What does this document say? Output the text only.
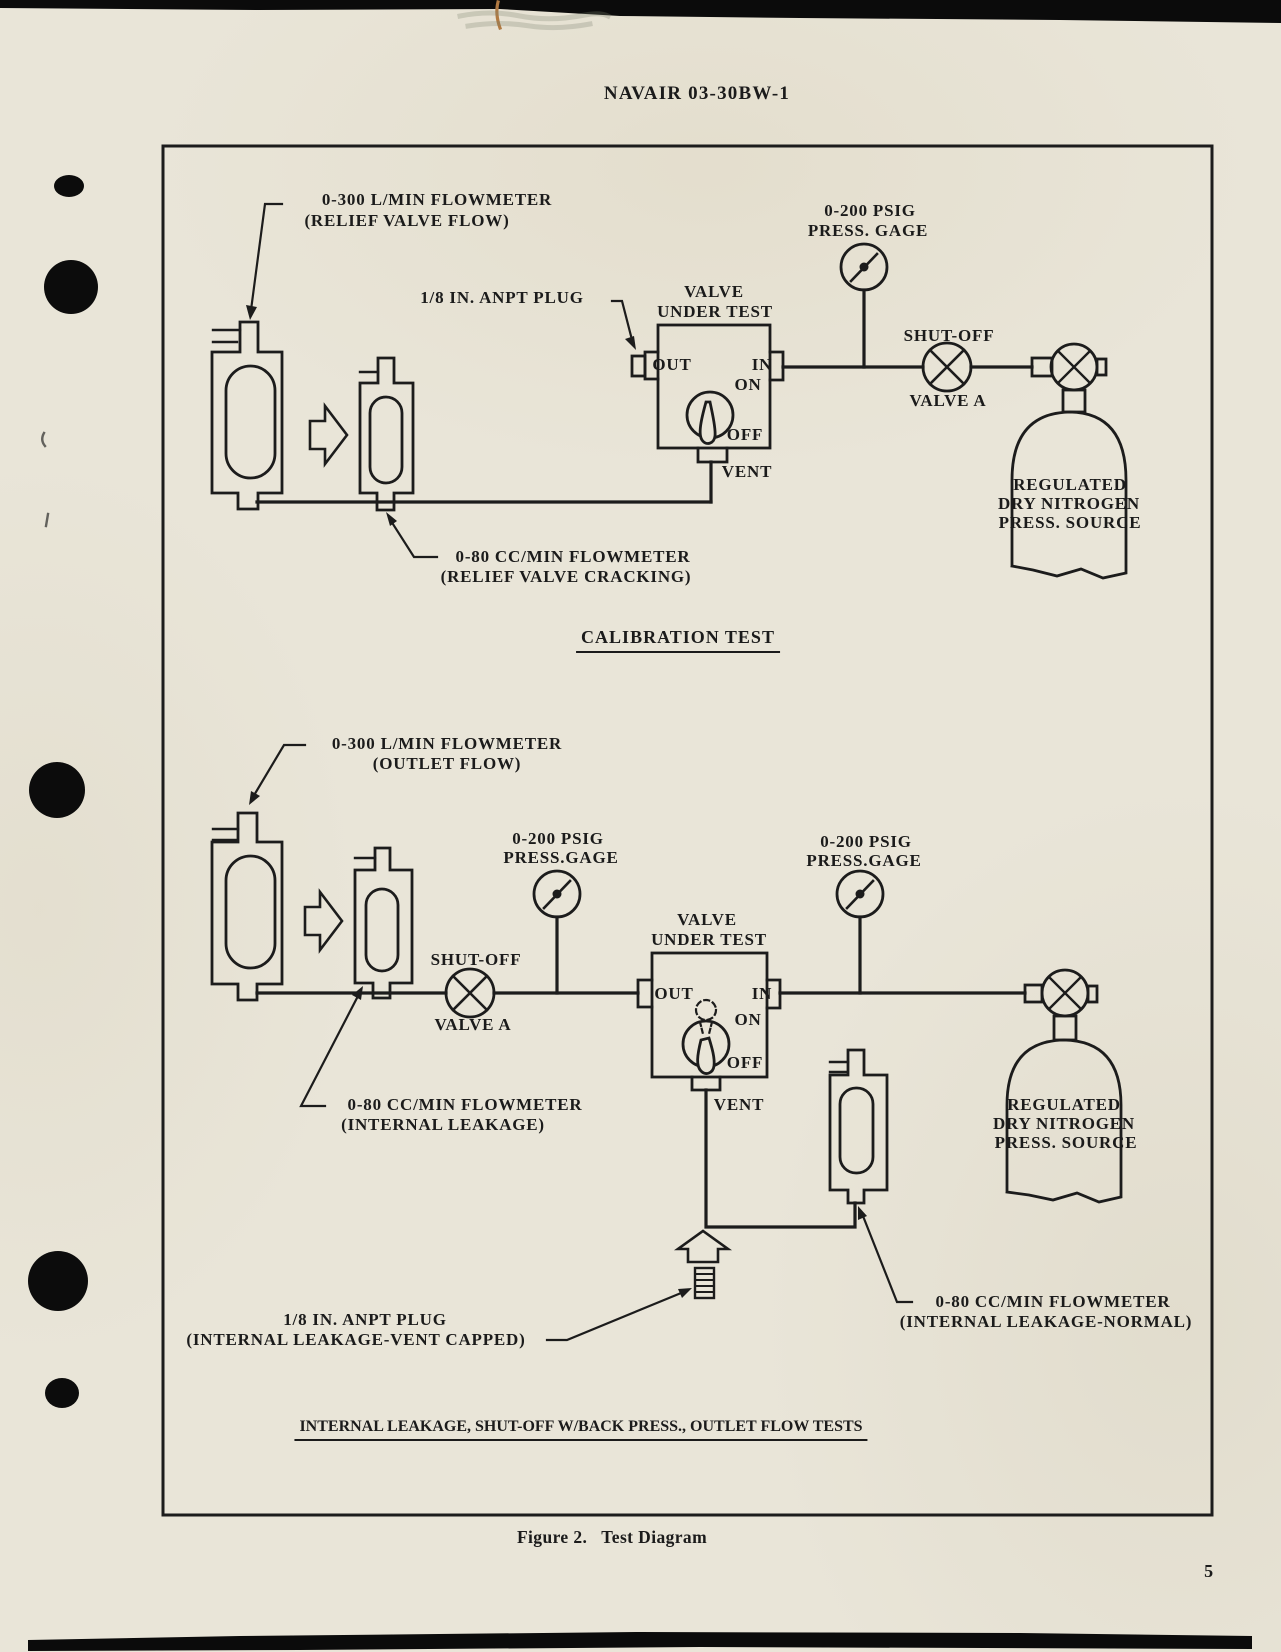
NAVAIR 03-30BW-1
0-300 L/MIN FLOWMETER
(RELIEF VALVE FLOW)
1/8 IN. ANPT PLUG	VALVE
UNDER TEST
OUT	IN
ON
OFF
VENT
0-200 PSIG
PRESS. GAGE
SHUT-OFF
VALVE A
REGULATED
DRY NITROGEN
PRESS. SOURCE
0-80 CC/MIN FLOWMETER
(RELIEF VALVE CRACKING)
CALIBRATION TEST
0-300 L/MIN FLOWMETER
(OUTLET FLOW)
0-200 PSIG
PRESS.GAGE
0-200 PSIG
PRESS.GAGE
SHUT-OFF
VALVE A
VALVE
UNDER TEST
OUT	IN
ON
OFF
VENT	REGULATED
DRY NITROGEN
PRESS. SOURCE
0-80 CC/MIN FLOWMETER
(INTERNAL LEAKAGE)
1/8 IN. ANPT PLUG
(INTERNAL LEAKAGE-VENT CAPPED)
0-80 CC/MIN FLOWMETER
(INTERNAL LEAKAGE-NORMAL)
INTERNAL LEAKAGE, SHUT-OFF W/BACK PRESS., OUTLET FLOW TESTS
Figure 2.   Test Diagram
5
